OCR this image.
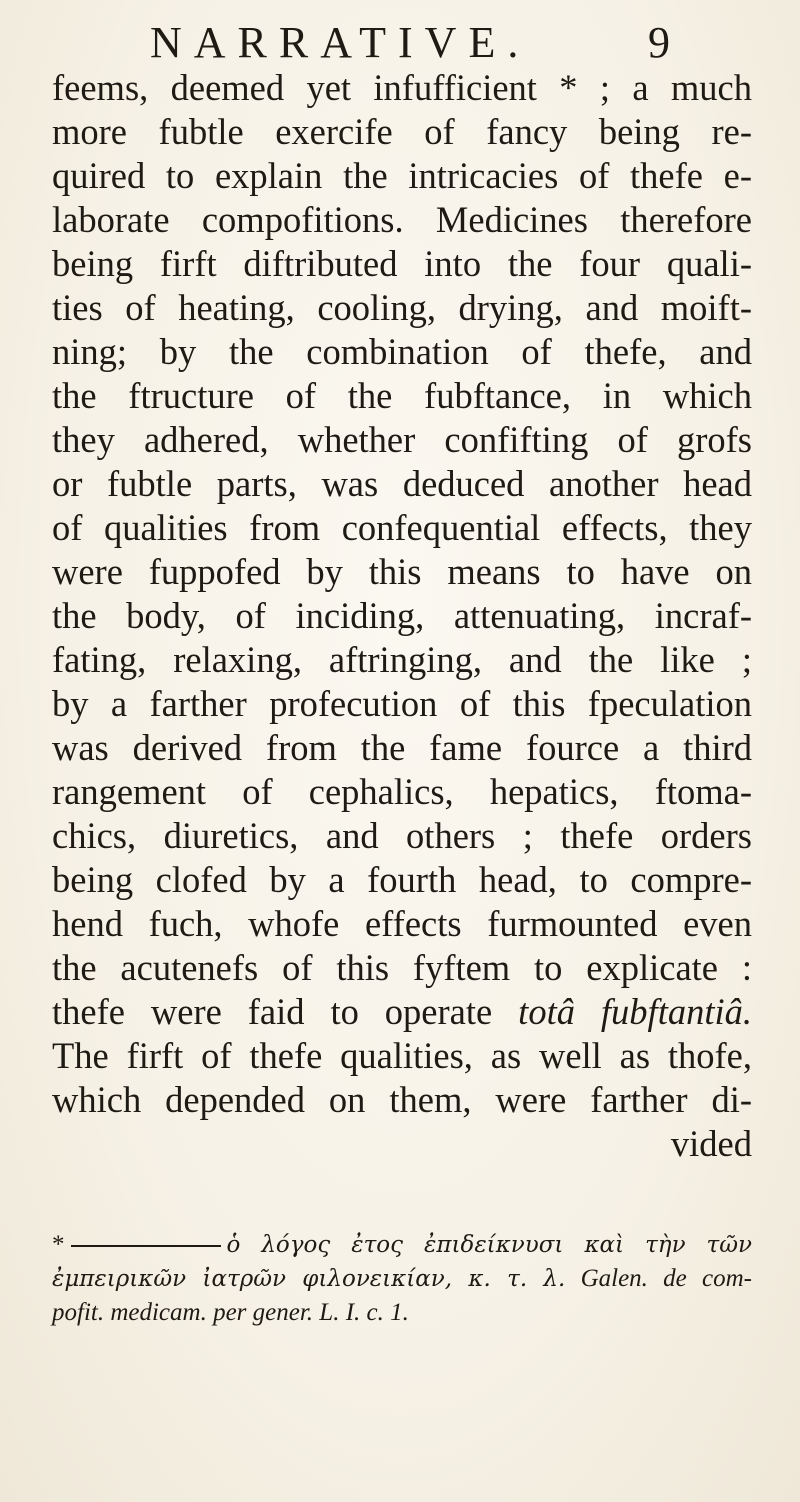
NARRATIVE.	9
feems, deemed yet infufficient * ; a much
more fubtle exercife of fancy being re-
quired to explain the intricacies of thefe e-
laborate compofitions. Medicines therefore
being firft diftributed into the four quali-
ties of heating, cooling, drying, and moift-
ning; by the combination of thefe, and
the ftructure of the fubftance, in which
they adhered, whether confifting of grofs
or fubtle parts, was deduced another head
of qualities from confequential effects, they
were fuppofed by this means to have on
the body, of inciding, attenuating, incraf-
fating, relaxing, aftringing, and the like ;
by a farther profecution of this fpeculation
was derived from the fame fource a third
rangement of cephalics, hepatics, ftoma-
chics, diuretics, and others ; thefe orders
being clofed by a fourth head, to compre-
hend fuch, whofe effects furmounted even
the acutenefs of this fyftem to explicate :
thefe were faid to operate totâ fubftantiâ.
The firft of thefe qualities, as well as thofe,
which depended on them, were farther di-
vided
*	ὁ λόγος ἐτος ἐπιδείκνυσι καὶ τὴν τῶν
ἐμπειρικῶν ἰατρῶν φιλονεικίαν, κ. τ. λ. Galen. de com-
pofit. medicam. per gener. L. I. c. 1.
